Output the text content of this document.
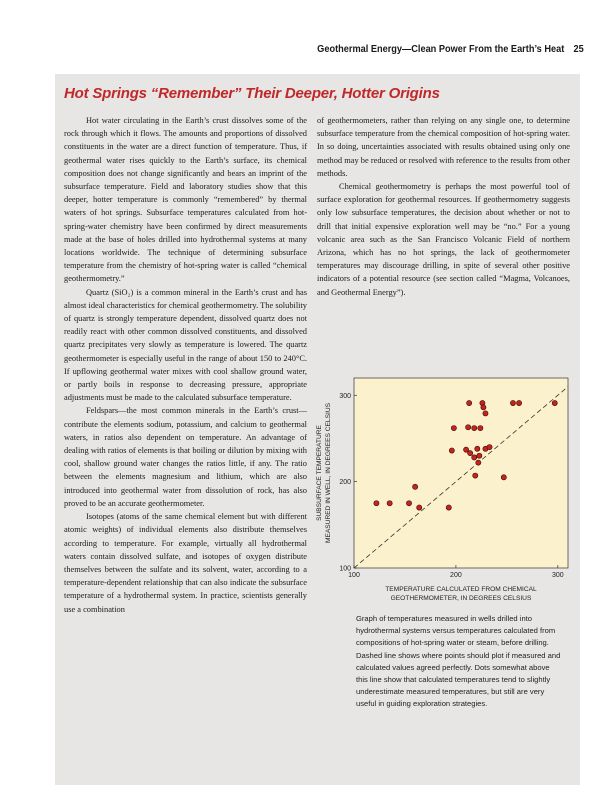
Geothermal Energy—Clean Power From the Earth’s Heat 25
Hot Springs “Remember” Their Deeper, Hotter Origins

Hot water circulating in the Earth’s crust dissolves some of the rock through which it flows. The amounts and proportions of dissolved constituents in the water are a direct function of temperature. Thus, if geothermal water rises quickly to the Earth’s surface, its chemical composition does not change significantly and bears an imprint of the subsurface temperature. Field and laboratory studies show that this deeper, hotter temperature is commonly “remembered” by thermal waters of hot springs. Subsurface temperatures calculated from hot-spring-water chemistry have been confirmed by direct measurements made at the base of holes drilled into hydrothermal systems at many locations worldwide. The technique of determining subsurface temperature from the chemistry of hot-spring water is called “chemical geothermometry.”

Quartz (SiO₂) is a common mineral in the Earth’s crust and has almost ideal characteristics for chemical geothermometry. The solubility of quartz is strongly temperature dependent, dissolved quartz does not readily react with other common dissolved constituents, and dissolved quartz precipitates very slowly as temperature is lowered. The quartz geothermometer is especially useful in the range of about 150 to 240°C. If upflowing geothermal water mixes with cool shallow ground water, or partly boils in response to decreasing pressure, appropriate adjustments must be made to the calculated subsurface temperature.

Feldspars—the most common minerals in the Earth’s crust—contribute the elements sodium, potassium, and calcium to geothermal waters, in ratios also dependent on temperature. An advantage of dealing with ratios of elements is that boiling or dilution by mixing with cool, shallow ground water changes the ratios little, if any. The ratio between the elements magnesium and lithium, which are also introduced into geothermal water from dissolution of rock, has also proved to be an accurate geothermometer.

Isotopes (atoms of the same chemical element but with different atomic weights) of individual elements also distribute themselves according to temperature. For example, virtually all hydrothermal waters contain dissolved sulfate, and isotopes of oxygen distribute themselves between the sulfate and its solvent, water, according to a temperature-dependent relationship that can also indicate the subsurface temperature of a hydrothermal system. In practice, scientists generally use a combination

of geothermometers, rather than relying on any single one, to determine subsurface temperature from the chemical composition of hot-spring water. In so doing, uncertainties associated with results obtained using only one method may be reduced or resolved with reference to the results from other methods.

Chemical geothermometry is perhaps the most powerful tool of surface exploration for geothermal resources. If geothermometry suggests only low subsurface temperatures, the decision about whether or not to drill that initial expensive exploration well may be “no.” For a young volcanic area such as the San Francisco Volcanic Field of northern Arizona, which has no hot springs, the lack of geothermometer temperatures may discourage drilling, in spite of several other positive indicators of a potential resource (see section called “Magma, Volcanoes, and Geothermal Energy”).

100	200	300
100
200
300
TEMPERATURE CALCULATED FROM CHEMICAL
GEOTHERMOMETER, IN DEGREES CELSIUS
SUBSURFACE TEMPERATURE MEASURED IN WELL, IN DEGREES CELSIUS
Graph of temperatures measured in wells drilled into hydrothermal systems versus temperatures calculated from compositions of hot-spring water or steam, before drilling. Dashed line shows where points should plot if measured and calculated values agreed perfectly. Dots somewhat above this line show that calculated temperatures tend to slightly underestimate measured temperatures, but still are very useful in guiding exploration strategies.
